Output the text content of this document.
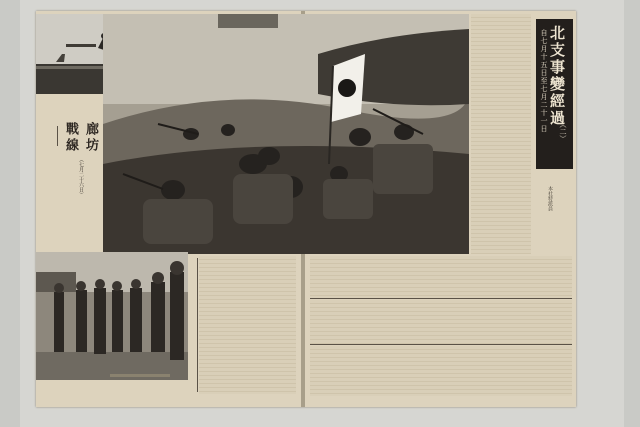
廊坊
戰線
（七月二十六日）
北支事變經過
（二）
自七月十五日至七月二十一日
本社特派員
